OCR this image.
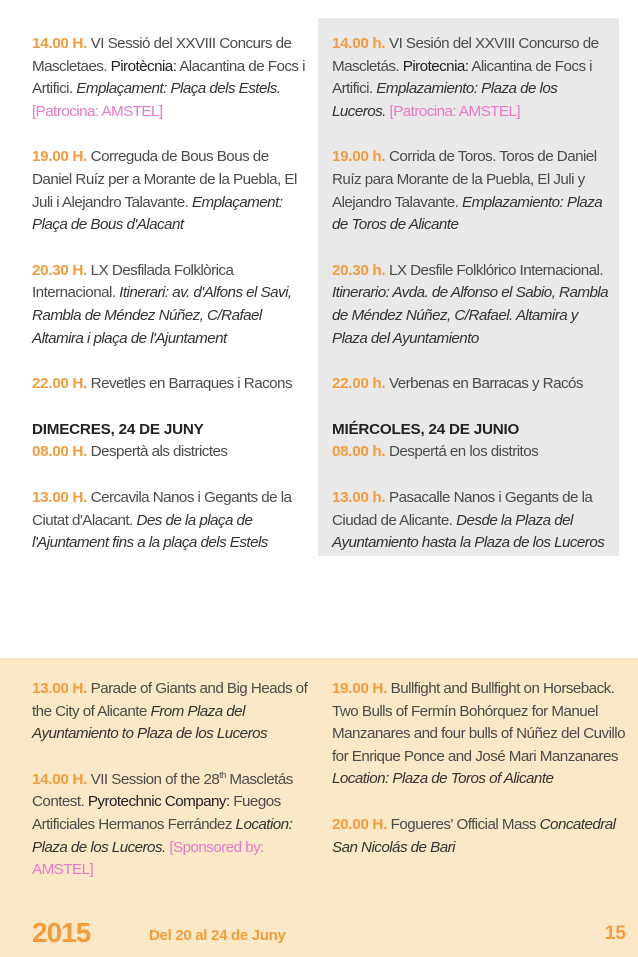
14.00 H. VI Sessió del XXVIII Concurs de Mascletaes. Pirotècnia: Alacantina de Focs i Artifici. Emplaçament: Plaça dels Estels. [Patrocina: AMSTEL]

19.00 H. Correguda de Bous Bous de Daniel Ruíz per a Morante de la Puebla, El Juli i Alejandro Talavante. Emplaçament: Plaça de Bous d'Alacant

20.30 H. LX Desfilada Folklòrica Internacional. Itinerari: av. d'Alfons el Savi, Rambla de Méndez Núñez, C/Rafael Altamira i plaça de l'Ajuntament

22.00 H. Revetles en Barraques i Racons

DIMECRES, 24 DE JUNY

08.00 H. Despertà als districtes

13.00 H. Cercavila Nanos i Gegants de la Ciutat d'Alacant. Des de la plaça de l'Ajuntament fins a la plaça dels Estels

14.00 h. VI Sesión del XXVIII Concurso de Mascletás. Pirotecnia: Alicantina de Focs i Artifici. Emplazamiento: Plaza de los Luceros. [Patrocina: AMSTEL]

19.00 h. Corrida de Toros. Toros de Daniel Ruíz para Morante de la Puebla, El Juli y Alejandro Talavante. Emplazamiento: Plaza de Toros de Alicante

20.30 h. LX Desfile Folklórico Internacional. Itinerario: Avda. de Alfonso el Sabio, Rambla de Méndez Núñez, C/Rafael. Altamira y Plaza del Ayuntamiento

22.00 h. Verbenas en Barracas y Racós

MIÉRCOLES, 24 DE JUNIO

08.00 h. Despertá en los distritos

13.00 h. Pasacalle Nanos i Gegants de la Ciudad de Alicante. Desde la Plaza del Ayuntamiento hasta la Plaza de los Luceros

13.00 H. Parade of Giants and Big Heads of the City of Alicante From Plaza del Ayuntamiento to Plaza de los Luceros

14.00 H. VII Session of the 28th Mascletás Contest. Pyrotechnic Company: Fuegos Artificiales Hermanos Ferrández Location: Plaza de los Luceros. [Sponsored by: AMSTEL]

19.00 H. Bullfight and Bullfight on Horseback. Two Bulls of Fermín Bohórquez for Manuel Manzanares and four bulls of Núñez del Cuvillo for Enrique Ponce and José Mari Manzanares Location: Plaza de Toros of Alicante

20.00 H. Fogueres' Official Mass Concatedral San Nicolás de Bari

2015	Del 20 al 24 de Juny	15
